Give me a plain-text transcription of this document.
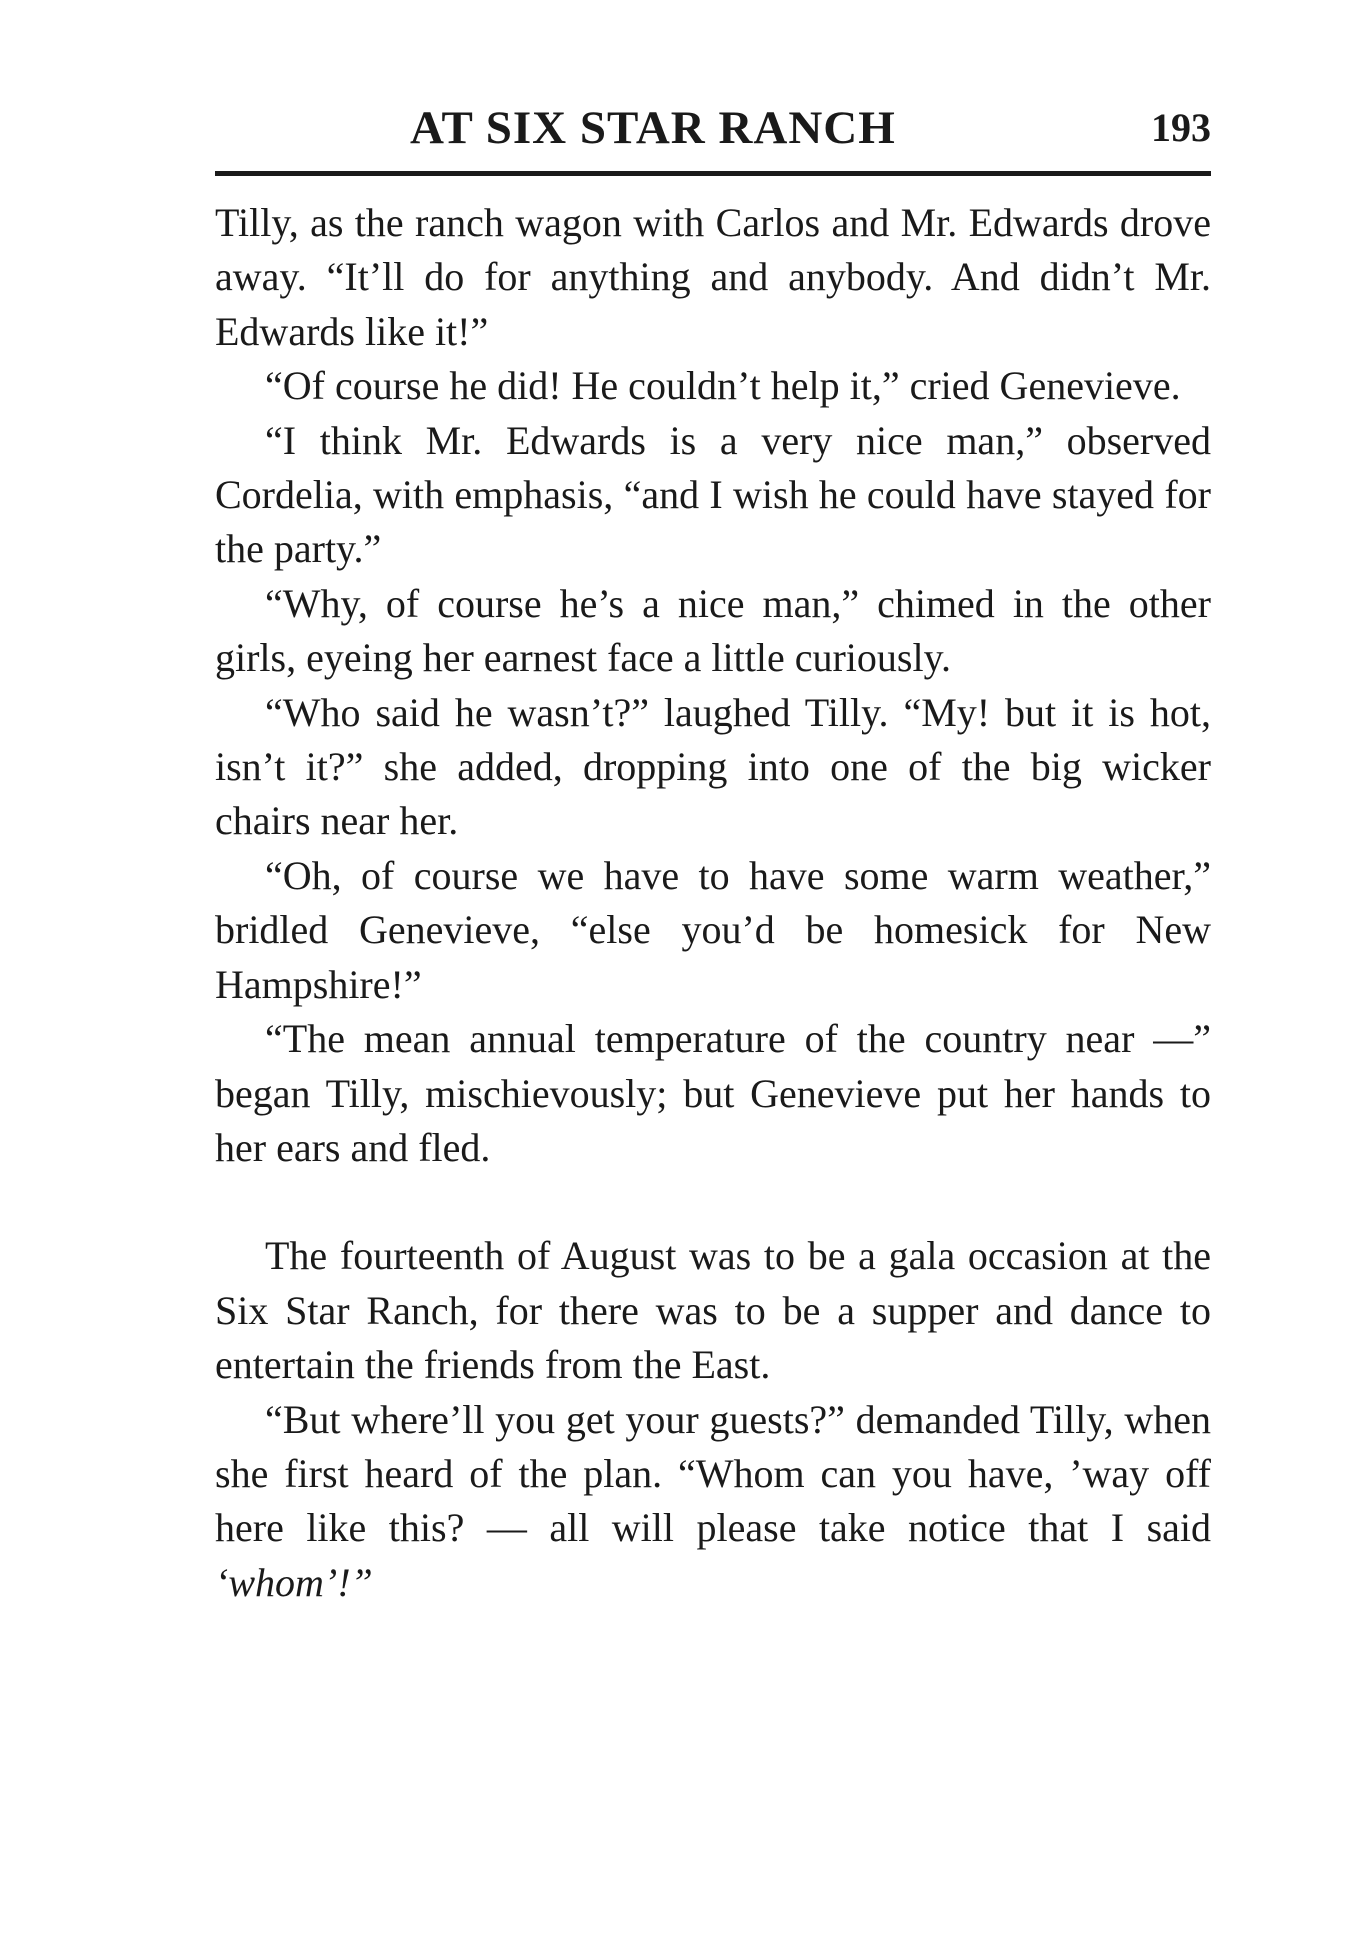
AT SIX STAR RANCH	193

Tilly, as the ranch wagon with Carlos and Mr. Edwards drove away. “It’ll do for anything and anybody. And didn’t Mr. Edwards like it!”

“Of course he did! He couldn’t help it,” cried Genevieve.

“I think Mr. Edwards is a very nice man,” observed Cordelia, with emphasis, “and I wish he could have stayed for the party.”

“Why, of course he’s a nice man,” chimed in the other girls, eyeing her earnest face a little curiously.

“Who said he wasn’t?” laughed Tilly. “My! but it is hot, isn’t it?” she added, dropping into one of the big wicker chairs near her.

“Oh, of course we have to have some warm weather,” bridled Genevieve, “else you’d be homesick for New Hampshire!”

“The mean annual temperature of the country near —” began Tilly, mischievously; but Genevieve put her hands to her ears and fled.

The fourteenth of August was to be a gala occasion at the Six Star Ranch, for there was to be a supper and dance to entertain the friends from the East.

“But where’ll you get your guests?” demanded Tilly, when she first heard of the plan. “Whom can you have, ’way off here like this? — all will please take notice that I said ‘whom’!”
